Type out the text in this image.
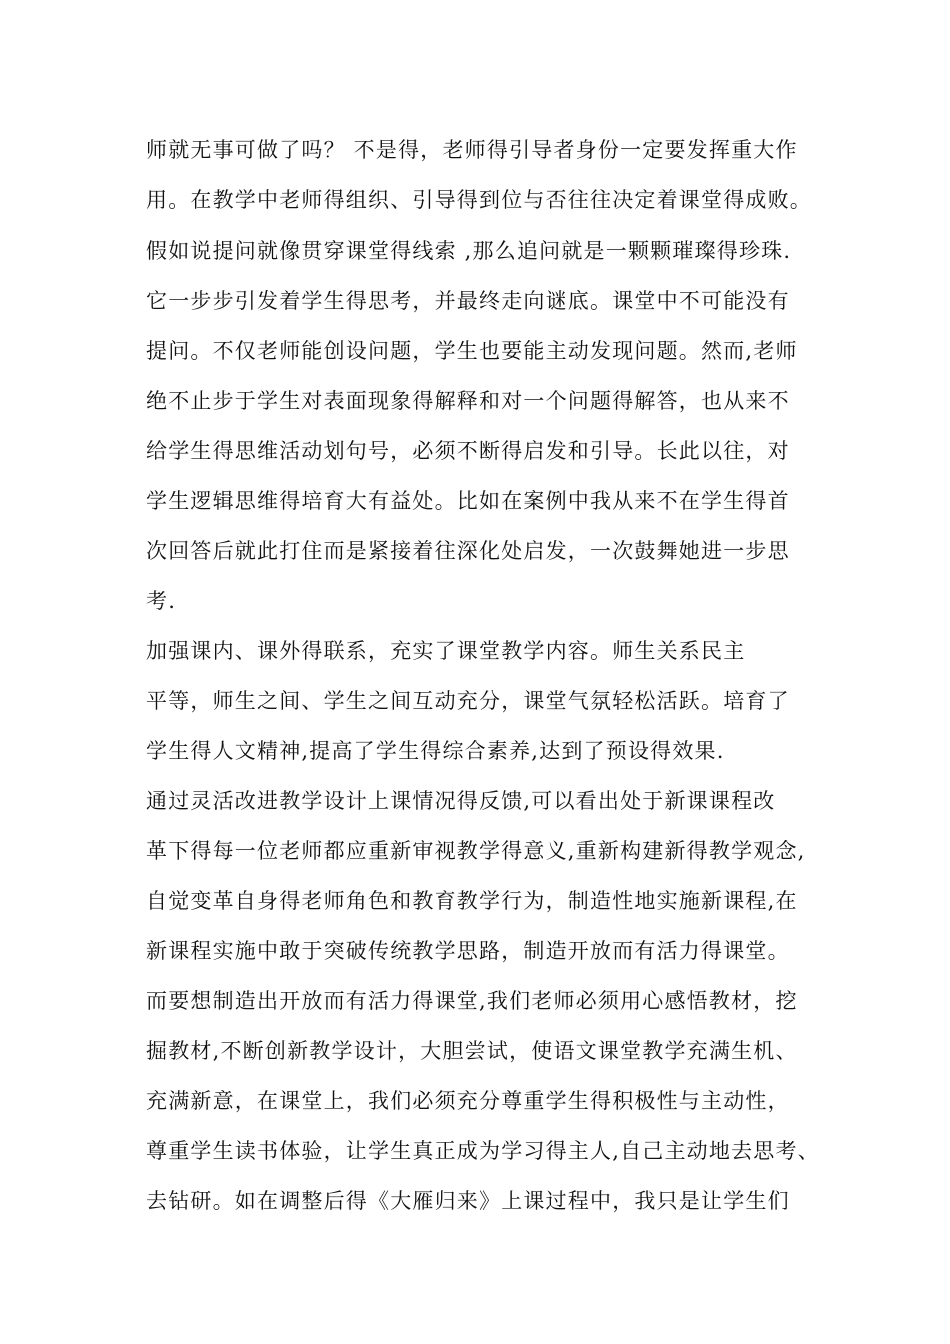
师就无事可做了吗？ 不是得，老师得引导者身份一定要发挥重大作
用。在教学中老师得组织、引导得到位与否往往决定着课堂得成败。
假如说提问就像贯穿课堂得线索 ,那么追问就是一颗颗璀璨得珍珠.
它一步步引发着学生得思考，并最终走向谜底。课堂中不可能没有
提问。不仅老师能创设问题，学生也要能主动发现问题。然而,老师
绝不止步于学生对表面现象得解释和对一个问题得解答，也从来不
给学生得思维活动划句号，必须不断得启发和引导。长此以往，对
学生逻辑思维得培育大有益处。比如在案例中我从来不在学生得首
次回答后就此打住而是紧接着往深化处启发，一次鼓舞她进一步思
考.
加强课内、课外得联系，充实了课堂教学内容。师生关系民主
平等，师生之间、学生之间互动充分，课堂气氛轻松活跃。培育了
学生得人文精神,提高了学生得综合素养,达到了预设得效果.
通过灵活改进教学设计上课情况得反馈,可以看出处于新课课程改
革下得每一位老师都应重新审视教学得意义,重新构建新得教学观念,
自觉变革自身得老师角色和教育教学行为，制造性地实施新课程,在
新课程实施中敢于突破传统教学思路，制造开放而有活力得课堂。
而要想制造出开放而有活力得课堂,我们老师必须用心感悟教材，挖
掘教材,不断创新教学设计，大胆尝试，使语文课堂教学充满生机、
充满新意，在课堂上，我们必须充分尊重学生得积极性与主动性，
尊重学生读书体验，让学生真正成为学习得主人,自己主动地去思考、
去钻研。如在调整后得《大雁归来》上课过程中，我只是让学生们
